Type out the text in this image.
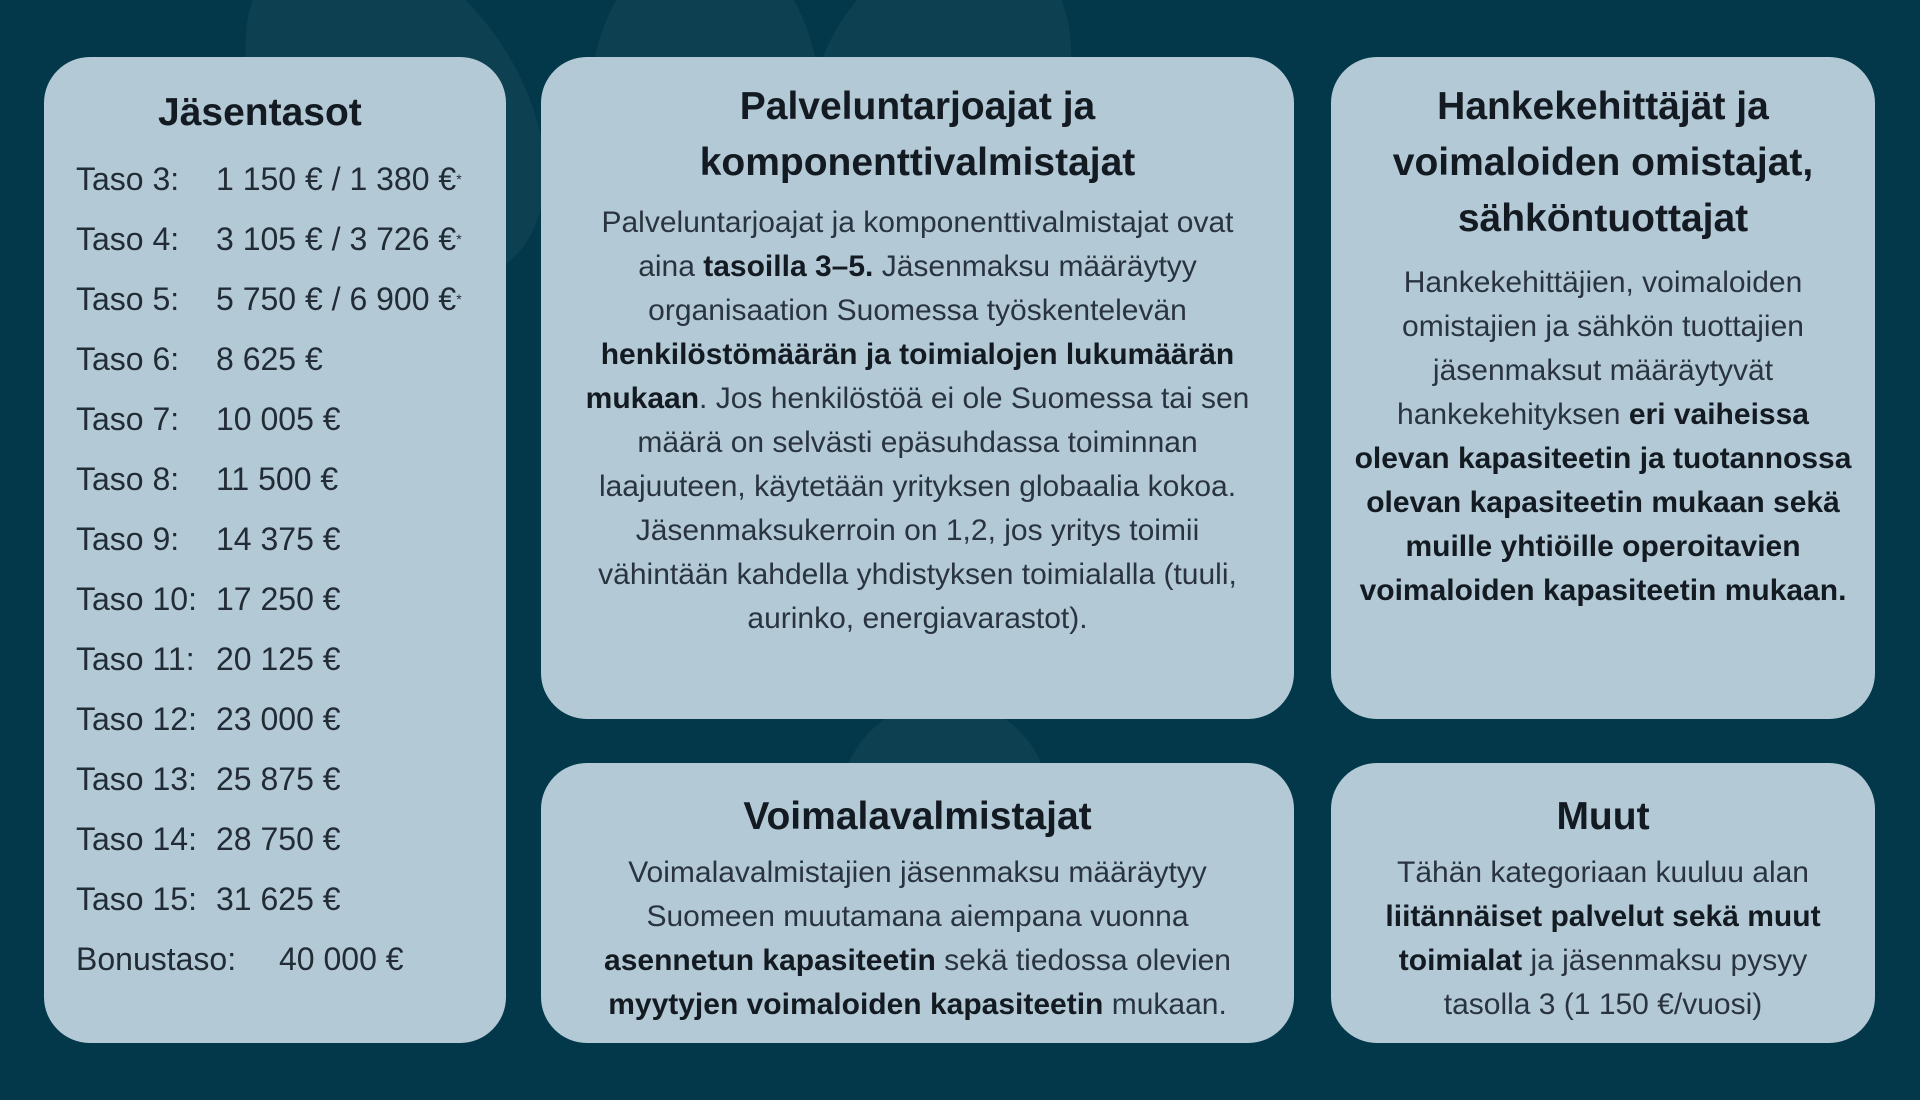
Jäsentasot
Taso 3:	1 150 € / 1 380 € *
Taso 4:	3 105 € / 3 726 € *
Taso 5:	5 750 € / 6 900 € *
Taso 6:	8 625 €
Taso 7:	10 005 €
Taso 8:	11 500 €
Taso 9:	14 375 €
Taso 10: 17 250 €
Taso 11: 20 125 €
Taso 12: 23 000 €
Taso 13: 25 875 €
Taso 14: 28 750 €
Taso 15: 31 625 €
Bonustaso:	40 000 €
Palveluntarjoajat ja
komponenttivalmistajat

Palveluntarjoajat ja komponenttivalmistajat ovat aina tasoilla 3–5. Jäsenmaksu määräytyy organisaation Suomessa työskentelevän henkilöstömäärän ja toimialojen lukumäärän mukaan. Jos henkilöstöä ei ole Suomessa tai sen määrä on selvästi epäsuhdassa toiminnan laajuuteen, käytetään yrityksen globaalia kokoa. Jäsenmaksukerroin on 1,2, jos yritys toimii vähintään kahdella yhdistyksen toimialalla (tuuli, aurinko, energiavarastot).

Hankekehittäjät ja
voimaloiden omistajat,
sähköntuottajat

Hankekehittäjien, voimaloiden omistajien ja sähkön tuottajien jäsenmaksut määräytyvät hankekehityksen eri vaiheissa olevan kapasiteetin ja tuotannossa olevan kapasiteetin mukaan sekä muille yhtiöille operoitavien voimaloiden kapasiteetin mukaan.

Voimalavalmistajat

Voimalavalmistajien jäsenmaksu määräytyy Suomeen muutamana aiempana vuonna asennetun kapasiteetin sekä tiedossa olevien myytyjen voimaloiden kapasiteetin mukaan.

Muut

Tähän kategoriaan kuuluu alan liitännäiset palvelut sekä muut toimialat ja jäsenmaksu pysyy tasolla 3 (1 150 €/vuosi)
